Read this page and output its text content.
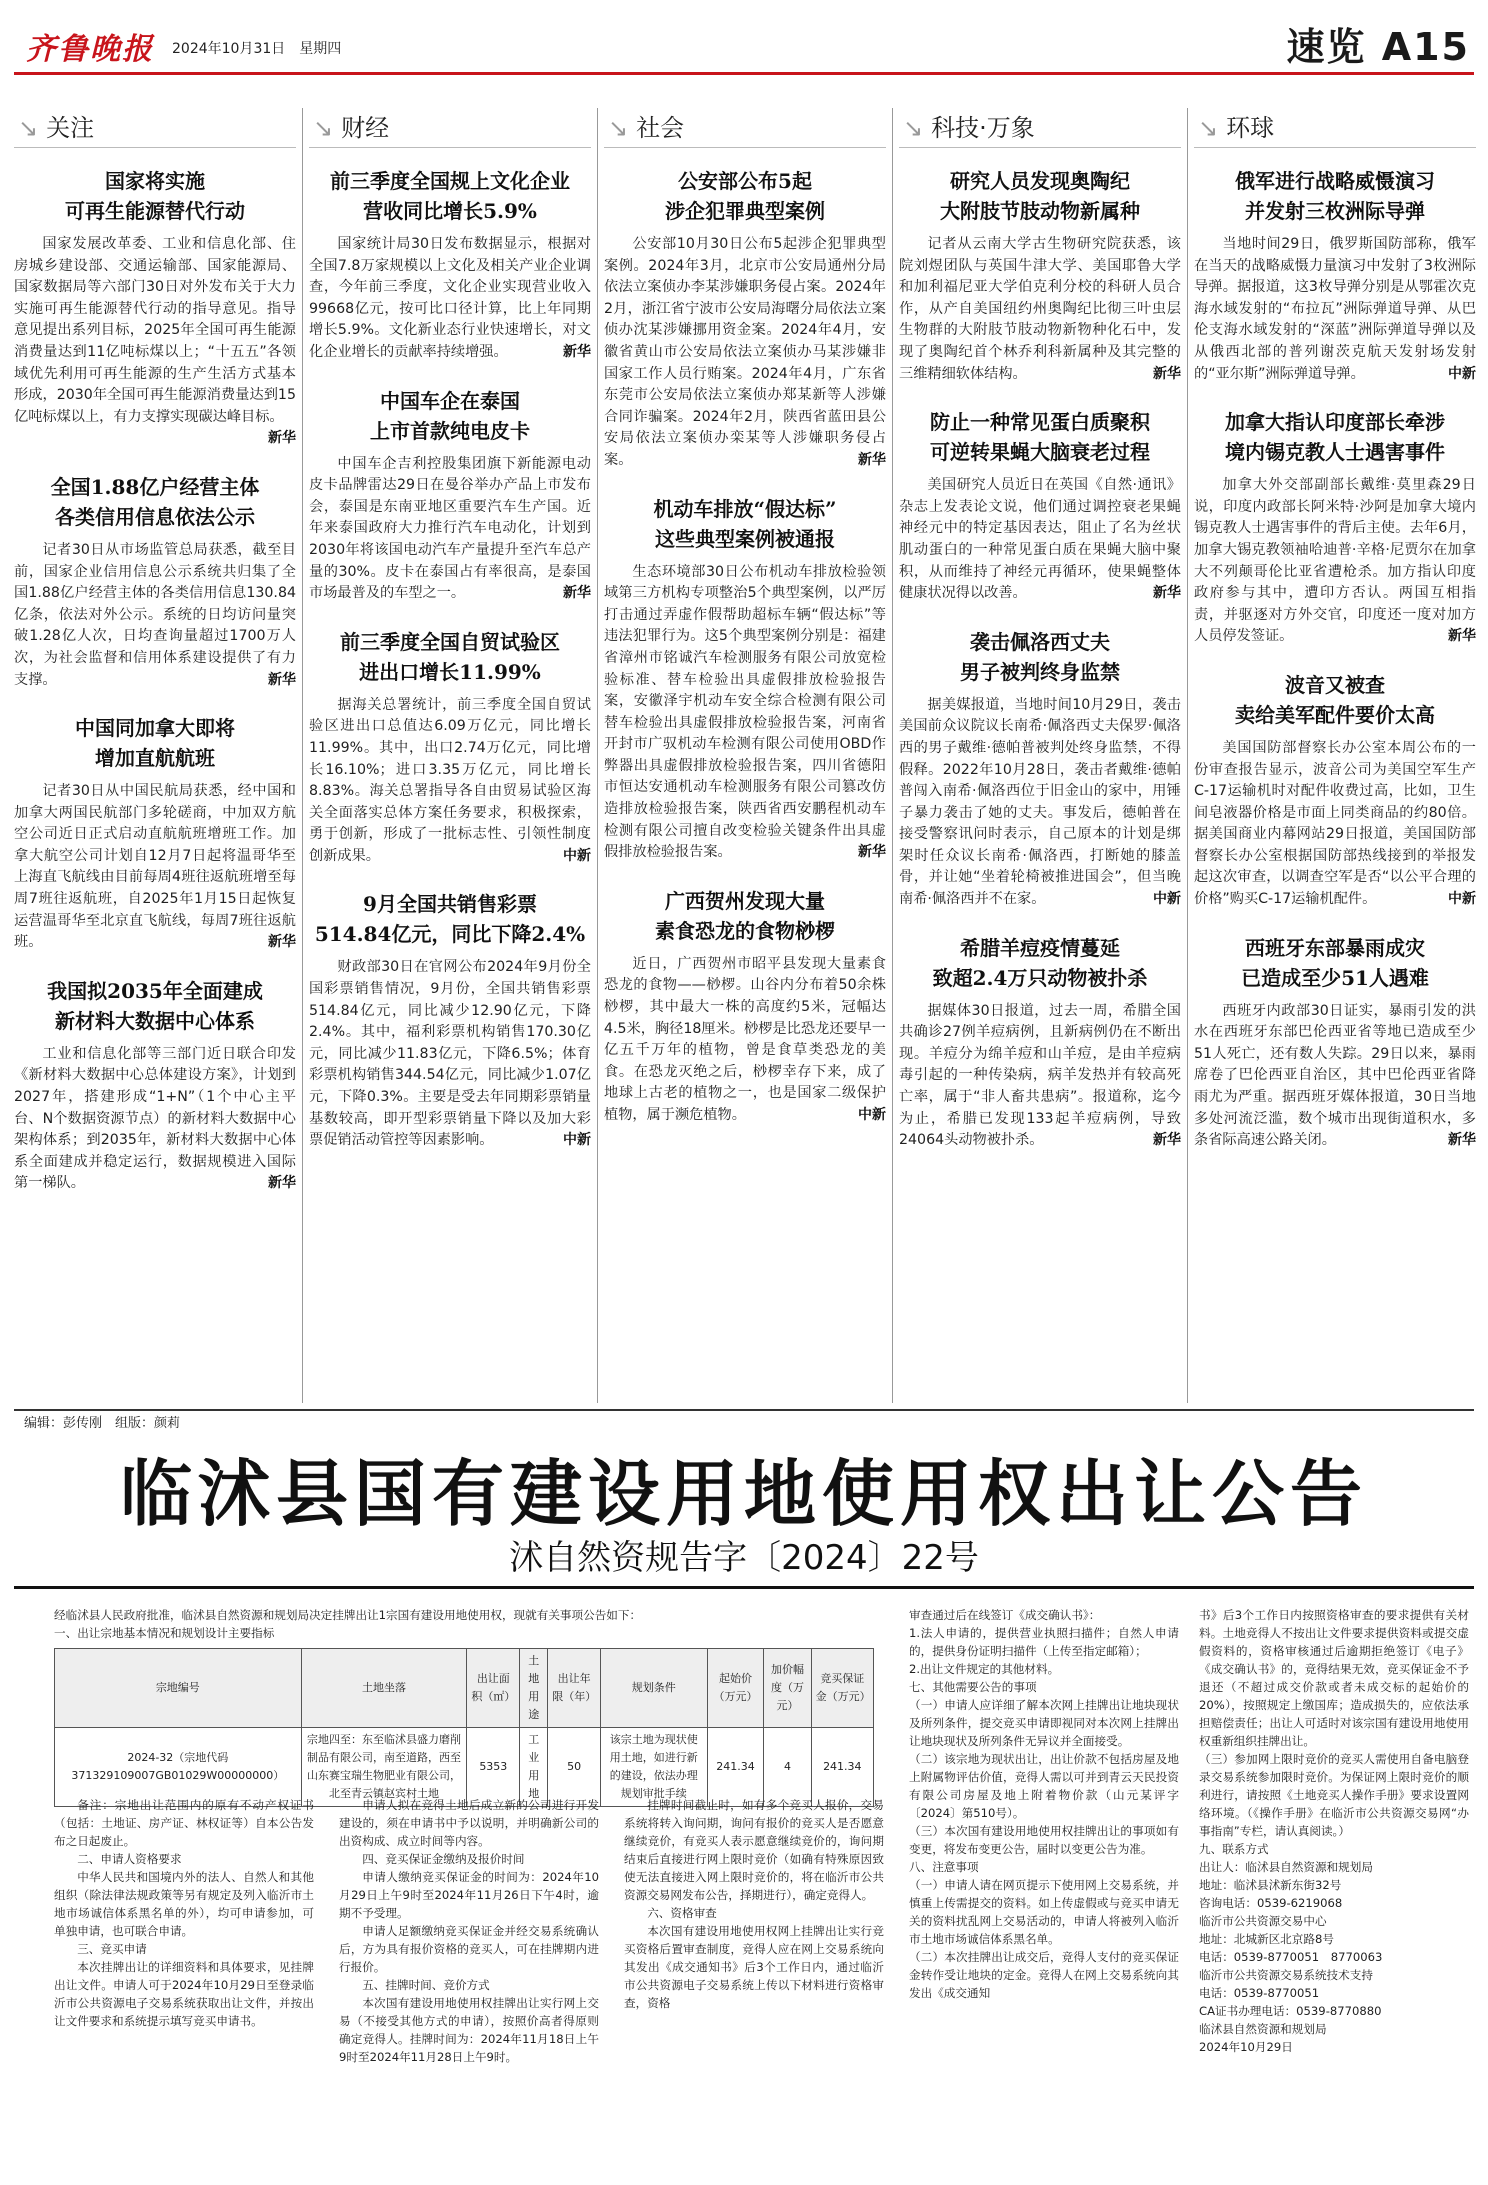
齐鲁晚报 2024年10月31日　星期四	速览 A15
↘ 关注
国家将实施
可再生能源替代行动
国家发展改革委、工业和信息化部、住房城乡建设部、交通运输部、国家能源局、国家数据局等六部门30日对外发布关于大力实施可再生能源替代行动的指导意见。指导意见提出系列目标，2025年全国可再生能源消费量达到11亿吨标煤以上；“十五五”各领域优先利用可再生能源的生产生活方式基本形成，2030年全国可再生能源消费量达到15亿吨标煤以上，有力支撑实现碳达峰目标。
新华
全国1.88亿户经营主体
各类信用信息依法公示
记者30日从市场监管总局获悉，截至目前，国家企业信用信息公示系统共归集了全国1.88亿户经营主体的各类信用信息130.84亿条，依法对外公示。系统的日均访问量突破1.28亿人次，日均查询量超过1700万人次，为社会监督和信用体系建设提供了有力支撑。	新华
中国同加拿大即将
增加直航航班
记者30日从中国民航局获悉，经中国和加拿大两国民航部门多轮磋商，中加双方航空公司近日正式启动直航航班增班工作。加拿大航空公司计划自12月7日起将温哥华至上海直飞航线由目前每周4班往返航班增至每周7班往返航班，自2025年1月15日起恢复运营温哥华至北京直飞航线，每周7班往返航班。	新华
我国拟2035年全面建成
新材料大数据中心体系
工业和信息化部等三部门近日联合印发《新材料大数据中心总体建设方案》，计划到2027年，搭建形成“1+N”（1个中心主平台、N个数据资源节点）的新材料大数据中心架构体系；到2035年，新材料大数据中心体系全面建成并稳定运行，数据规模进入国际第一梯队。	新华
↘ 财经
前三季度全国规上文化企业
营收同比增长5.9%
国家统计局30日发布数据显示，根据对全国7.8万家规模以上文化及相关产业企业调查，今年前三季度，文化企业实现营业收入99668亿元，按可比口径计算，比上年同期增长5.9%。文化新业态行业快速增长，对文化企业增长的贡献率持续增强。	新华
中国车企在泰国
上市首款纯电皮卡
中国车企吉利控股集团旗下新能源电动皮卡品牌雷达29日在曼谷举办产品上市发布会，泰国是东南亚地区重要汽车生产国。近年来泰国政府大力推行汽车电动化，计划到2030年将该国电动汽车产量提升至汽车总产量的30%。皮卡在泰国占有率很高，是泰国市场最普及的车型之一。	新华
前三季度全国自贸试验区
进出口增长11.99%
据海关总署统计，前三季度全国自贸试验区进出口总值达6.09万亿元，同比增长11.99%。其中，出口2.74万亿元，同比增长16.10%；进口3.35万亿元，同比增长8.83%。海关总署指导各自由贸易试验区海关全面落实总体方案任务要求，积极探索，勇于创新，形成了一批标志性、引领性制度创新成果。	中新
9月全国共销售彩票
514.84亿元，同比下降2.4%
财政部30日在官网公布2024年9月份全国彩票销售情况，9月份，全国共销售彩票514.84亿元，同比减少12.90亿元，下降2.4%。其中，福利彩票机构销售170.30亿元，同比减少11.83亿元，下降6.5%；体育彩票机构销售344.54亿元，同比减少1.07亿元，下降0.3%。主要是受去年同期彩票销量基数较高，即开型彩票销量下降以及加大彩票促销活动管控等因素影响。	中新
↘ 社会
公安部公布5起
涉企犯罪典型案例
公安部10月30日公布5起涉企犯罪典型案例。2024年3月，北京市公安局通州分局依法立案侦办李某涉嫌职务侵占案。2024年2月，浙江省宁波市公安局海曙分局依法立案侦办沈某涉嫌挪用资金案。2024年4月，安徽省黄山市公安局依法立案侦办马某涉嫌非国家工作人员行贿案。2024年4月，广东省东莞市公安局依法立案侦办郑某新等人涉嫌合同诈骗案。2024年2月，陕西省蓝田县公安局依法立案侦办栾某等人涉嫌职务侵占案。	新华
机动车排放“假达标”
这些典型案例被通报
生态环境部30日公布机动车排放检验领域第三方机构专项整治5个典型案例，以严厉打击通过弄虚作假帮助超标车辆“假达标”等违法犯罪行为。这5个典型案例分别是：福建省漳州市铭诚汽车检测服务有限公司放宽检验标准、替车检验出具虚假排放检验报告案，安徽泽宇机动车安全综合检测有限公司替车检验出具虚假排放检验报告案，河南省开封市广驭机动车检测有限公司使用OBD作弊器出具虚假排放检验报告案，四川省德阳市恒达安通机动车检测服务有限公司篡改仿造排放检验报告案，陕西省西安鹏程机动车检测有限公司擅自改变检验关键条件出具虚假排放检验报告案。	新华
广西贺州发现大量
素食恐龙的食物桫椤
近日，广西贺州市昭平县发现大量素食恐龙的食物——桫椤。山谷内分布着50余株桫椤，其中最大一株的高度约5米，冠幅达4.5米，胸径18厘米。桫椤是比恐龙还要早一亿五千万年的植物，曾是食草类恐龙的美食。在恐龙灭绝之后，桫椤幸存下来，成了地球上古老的植物之一，也是国家二级保护植物，属于濒危植物。	中新
↘ 科技·万象
研究人员发现奥陶纪
大附肢节肢动物新属种
记者从云南大学古生物研究院获悉，该院刘煜团队与英国牛津大学、美国耶鲁大学和加利福尼亚大学伯克利分校的科研人员合作，从产自美国纽约州奥陶纪比彻三叶虫层生物群的大附肢节肢动物新物种化石中，发现了奥陶纪首个林乔利科新属种及其完整的三维精细软体结构。	新华
防止一种常见蛋白质聚积
可逆转果蝇大脑衰老过程
美国研究人员近日在英国《自然·通讯》杂志上发表论文说，他们通过调控衰老果蝇神经元中的特定基因表达，阻止了名为丝状肌动蛋白的一种常见蛋白质在果蝇大脑中聚积，从而维持了神经元再循环，使果蝇整体健康状况得以改善。	新华
袭击佩洛西丈夫
男子被判终身监禁
据美媒报道，当地时间10月29日，袭击美国前众议院议长南希·佩洛西丈夫保罗·佩洛西的男子戴维·德帕普被判处终身监禁，不得假释。2022年10月28日，袭击者戴维·德帕普闯入南希·佩洛西位于旧金山的家中，用锤子暴力袭击了她的丈夫。事发后，德帕普在接受警察讯问时表示，自己原本的计划是绑架时任众议长南希·佩洛西，打断她的膝盖骨，并让她“坐着轮椅被推进国会”，但当晚南希·佩洛西并不在家。	中新
希腊羊痘疫情蔓延
致超2.4万只动物被扑杀
据媒体30日报道，过去一周，希腊全国共确诊27例羊痘病例，且新病例仍在不断出现。羊痘分为绵羊痘和山羊痘，是由羊痘病毒引起的一种传染病，病羊发热并有较高死亡率，属于“非人畜共患病”。报道称，迄今为止，希腊已发现133起羊痘病例，导致24064头动物被扑杀。	新华
↘ 环球
俄军进行战略威慑演习
并发射三枚洲际导弹
当地时间29日，俄罗斯国防部称，俄军在当天的战略威慑力量演习中发射了3枚洲际导弹。据报道，这3枚导弹分别是从鄂霍次克海水域发射的“布拉瓦”洲际弹道导弹、从巴伦支海水域发射的“深蓝”洲际弹道导弹以及从俄西北部的普列谢茨克航天发射场发射的“亚尔斯”洲际弹道导弹。	中新
加拿大指认印度部长牵涉
境内锡克教人士遇害事件
加拿大外交部副部长戴维·莫里森29日说，印度内政部长阿米特·沙阿是加拿大境内锡克教人士遇害事件的背后主使。去年6月，加拿大锡克教领袖哈迪普·辛格·尼贾尔在加拿大不列颠哥伦比亚省遭枪杀。加方指认印度政府参与其中，遭印方否认。两国互相指责，并驱逐对方外交官，印度还一度对加方人员停发签证。	新华
波音又被查
卖给美军配件要价太高
美国国防部督察长办公室本周公布的一份审查报告显示，波音公司为美国空军生产C-17运输机时对配件收费过高，比如，卫生间皂液器价格是市面上同类商品的约80倍。据美国商业内幕网站29日报道，美国国防部督察长办公室根据国防部热线接到的举报发起这次审查，以调查空军是否“以公平合理的价格”购买C-17运输机配件。	中新
西班牙东部暴雨成灾
已造成至少51人遇难
西班牙内政部30日证实，暴雨引发的洪水在西班牙东部巴伦西亚省等地已造成至少51人死亡，还有数人失踪。29日以来，暴雨席卷了巴伦西亚自治区，其中巴伦西亚省降雨尤为严重。据西班牙媒体报道，30日当地多处河流泛滥，数个城市出现街道积水，多条省际高速公路关闭。	新华
编辑：彭传刚　组版：颜莉
临沭县国有建设用地使用权出让公告
沭自然资规告字〔2024〕22号
经临沭县人民政府批准，临沭县自然资源和规划局决定挂牌出让1宗国有建设用地使用权，现就有关事项公告如下：
一、出让宗地基本情况和规划设计主要指标
宗地编号	土地坐落	出让面积（㎡）	土地用途	出让年限（年）	规划条件	起始价（万元）	加价幅度（万元）	竞买保证金（万元）
2024-32（宗地代码371329109007GB01029W00000000）	宗地四至：东至临沭县盛力磨削制品有限公司，南至道路，西至山东赛宝瑞生物肥业有限公司，北至青云镇赵宾村土地	5353	工业用地	50	该宗土地为现状使用土地，如进行新的建设，依法办理规划审批手续	241.34	4	241.34

备注：宗地出让范围内的原有不动产权证书（包括：土地证、房产证、林权证等）自本公告发布之日起废止。

二、申请人资格要求

中华人民共和国境内外的法人、自然人和其他组织（除法律法规政策等另有规定及列入临沂市土地市场诚信体系黑名单的外），均可申请参加，可单独申请，也可联合申请。

三、竞买申请

本次挂牌出让的详细资料和具体要求，见挂牌出让文件。申请人可于2024年10月29日至登录临沂市公共资源电子交易系统获取出让文件，并按出让文件要求和系统提示填写竞买申请书。

申请人拟在竞得土地后成立新的公司进行开发建设的，须在申请书中予以说明，并明确新公司的出资构成、成立时间等内容。

四、竞买保证金缴纳及报价时间

申请人缴纳竞买保证金的时间为：2024年10月29日上午9时至2024年11月26日下午4时，逾期不予受理。

申请人足额缴纳竞买保证金并经交易系统确认后，方为具有报价资格的竞买人，可在挂牌期内进行报价。

五、挂牌时间、竞价方式

本次国有建设用地使用权挂牌出让实行网上交易（不接受其他方式的申请），按照价高者得原则确定竞得人。挂牌时间为：2024年11月18日上午9时至2024年11月28日上午9时。

挂牌时间截止时，如有多个竞买人报价，交易系统将转入询问期，询问有报价的竞买人是否愿意继续竞价，有竞买人表示愿意继续竞价的，询问期结束后直接进行网上限时竞价（如确有特殊原因致使无法直接进入网上限时竞价的，将在临沂市公共资源交易网发布公告，择期进行），确定竞得人。

六、资格审查

本次国有建设用地使用权网上挂牌出让实行竞买资格后置审查制度，竞得人应在网上交易系统向其发出《成交通知书》后3个工作日内，通过临沂市公共资源电子交易系统上传以下材料进行资格审查，资格

审查通过后在线签订《成交确认书》：

1.法人申请的，提供营业执照扫描件；自然人申请的，提供身份证明扫描件（上传至指定邮箱）；

2.出让文件规定的其他材料。

七、其他需要公告的事项

（一）申请人应详细了解本次网上挂牌出让地块现状及所列条件，提交竞买申请即视同对本次网上挂牌出让地块现状及所列条件无异议并全面接受。

（二）该宗地为现状出让，出让价款不包括房屋及地上附属物评估价值，竞得人需以可并到青云天民投资有限公司房屋及地上附着物价款（山元某评字〔2024〕第510号）。

（三）本次国有建设用地使用权挂牌出让的事项如有变更，将发布变更公告，届时以变更公告为准。

八、注意事项

（一）申请人请在网页提示下使用网上交易系统，并慎重上传需提交的资料。如上传虚假或与竞买申请无关的资料扰乱网上交易活动的，申请人将被列入临沂市土地市场诚信体系黑名单。

（二）本次挂牌出让成交后，竞得人支付的竞买保证金转作受让地块的定金。竞得人在网上交易系统向其发出《成交通知

书》后3个工作日内按照资格审查的要求提供有关材料。土地竞得人不按出让文件要求提供资料或提交虚假资料的，资格审核通过后逾期拒绝签订《电子》《成交确认书》的，竞得结果无效，竞买保证金不予退还（不超过成交价款或者未成交标的起始价的20%），按照规定上缴国库；造成损失的，应依法承担赔偿责任；出让人可适时对该宗国有建设用地使用权重新组织挂牌出让。

（三）参加网上限时竞价的竞买人需使用自备电脑登录交易系统参加限时竞价。为保证网上限时竞价的顺利进行，请按照《土地竞买人操作手册》要求设置网络环境。（《操作手册》在临沂市公共资源交易网“办事指南”专栏，请认真阅读。）

九、联系方式

出让人：临沭县自然资源和规划局

地址：临沭县沭新东街32号

咨询电话：0539-6219068

临沂市公共资源交易中心

地址：北城新区北京路8号

电话：0539-8770051　8770063

临沂市公共资源交易系统技术支持

电话：0539-8770051

CA证书办理电话：0539-8770880

临沭县自然资源和规划局

2024年10月29日
